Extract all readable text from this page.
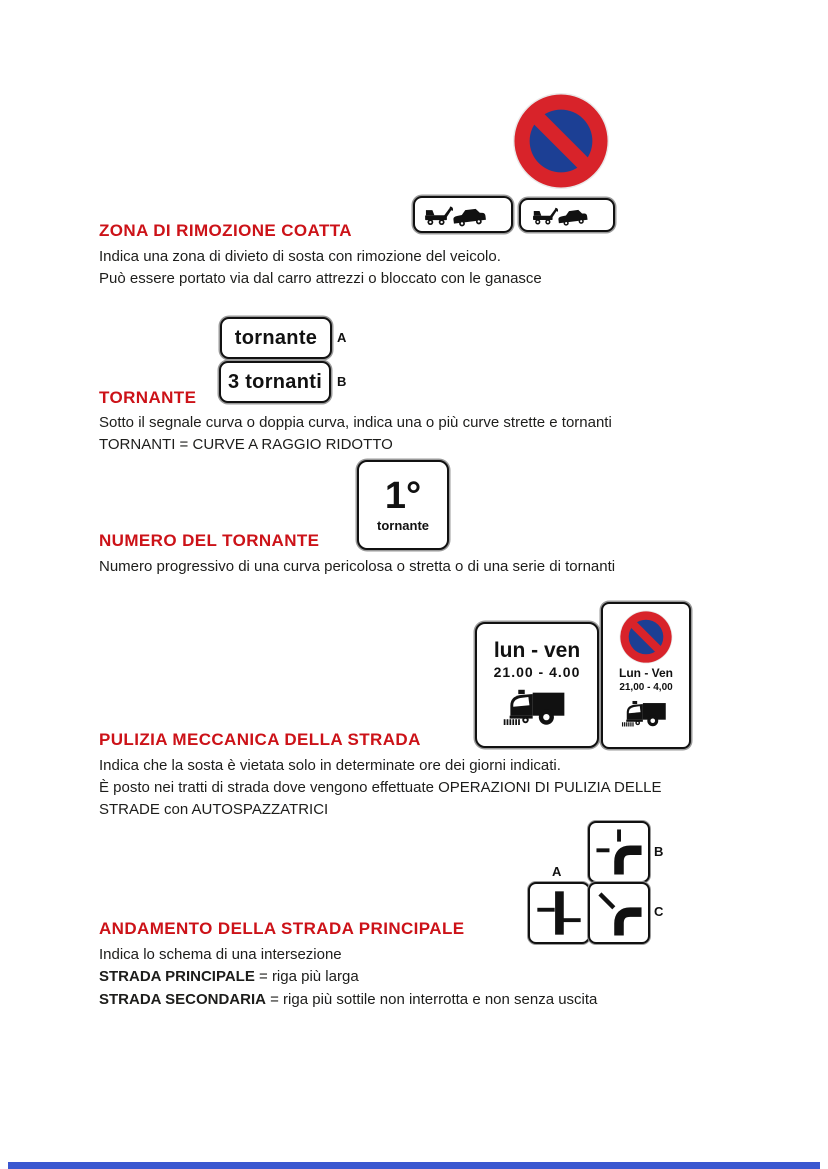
ZONA DI RIMOZIONE COATTA
Indica una zona di divieto di sosta con rimozione del veicolo.
Può essere portato via dal carro attrezzi o bloccato con le ganasce
tornante A
3 tornanti B
TORNANTE
Sotto il segnale curva o doppia curva, indica una o più curve strette e tornanti
TORNANTI = CURVE A RAGGIO RIDOTTO
1°
tornante
NUMERO DEL TORNANTE
Numero progressivo di una curva pericolosa o stretta o di una serie di tornanti
lun - ven
21.00 - 4.00	Lun - Ven
21,00 - 4,00
PULIZIA MECCANICA DELLA STRADA
Indica che la sosta è vietata solo in determinate ore dei giorni indicati.
È posto nei tratti di strada dove vengono effettuate OPERAZIONI DI PULIZIA DELLE
STRADE con AUTOSPAZZATRICI
B
A
C
ANDAMENTO DELLA STRADA PRINCIPALE
Indica lo schema di una intersezione
STRADA PRINCIPALE = riga più larga
STRADA SECONDARIA = riga più sottile non interrotta e non senza uscita
